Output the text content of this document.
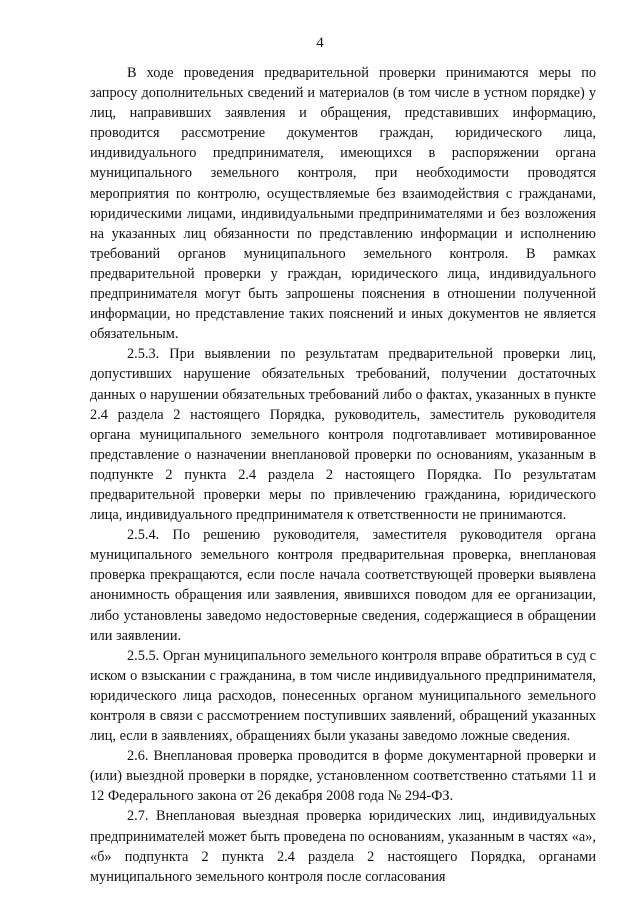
4

В ходе проведения предварительной проверки принимаются меры по запросу дополнительных сведений и материалов (в том числе в устном порядке) у лиц, направивших заявления и обращения, представивших информацию, проводится рассмотрение документов граждан, юридического лица, индивидуального предпринимателя, имеющихся в распоряжении органа муниципального земельного контроля, при необходимости проводятся мероприятия по контролю, осуществляемые без взаимодействия с гражданами, юридическими лицами, индивидуальными предпринимателями и без возложения на указанных лиц обязанности по представлению информации и исполнению требований органов муниципального земельного контроля. В рамках предварительной проверки у граждан, юридического лица, индивидуального предпринимателя могут быть запрошены пояснения в отношении полученной информации, но представление таких пояснений и иных документов не является обязательным.

2.5.3. При выявлении по результатам предварительной проверки лиц, допустивших нарушение обязательных требований, получении достаточных данных о нарушении обязательных требований либо о фактах, указанных в пункте 2.4 раздела 2 настоящего Порядка, руководитель, заместитель руководителя органа муниципального земельного контроля подготавливает мотивированное представление о назначении внеплановой проверки по основаниям, указанным в подпункте 2 пункта 2.4 раздела 2 настоящего Порядка. По результатам предварительной проверки меры по привлечению гражданина, юридического лица, индивидуального предпринимателя к ответственности не принимаются.

2.5.4. По решению руководителя, заместителя руководителя органа муниципального земельного контроля предварительная проверка, внеплановая проверка прекращаются, если после начала соответствующей проверки выявлена анонимность обращения или заявления, явившихся поводом для ее организации, либо установлены заведомо недостоверные сведения, содержащиеся в обращении или заявлении.

2.5.5. Орган муниципального земельного контроля вправе обратиться в суд с иском о взыскании с гражданина, в том числе индивидуального предпринимателя, юридического лица расходов, понесенных органом муниципального земельного контроля в связи с рассмотрением поступивших заявлений, обращений указанных лиц, если в заявлениях, обращениях были указаны заведомо ложные сведения.

2.6. Внеплановая проверка проводится в форме документарной проверки и (или) выездной проверки в порядке, установленном соответственно статьями 11 и 12 Федерального закона от 26 декабря 2008 года № 294-ФЗ.

2.7. Внеплановая выездная проверка юридических лиц, индивидуальных предпринимателей может быть проведена по основаниям, указанным в частях «а», «б» подпункта 2 пункта 2.4 раздела 2 настоящего Порядка, органами муниципального земельного контроля после согласования
